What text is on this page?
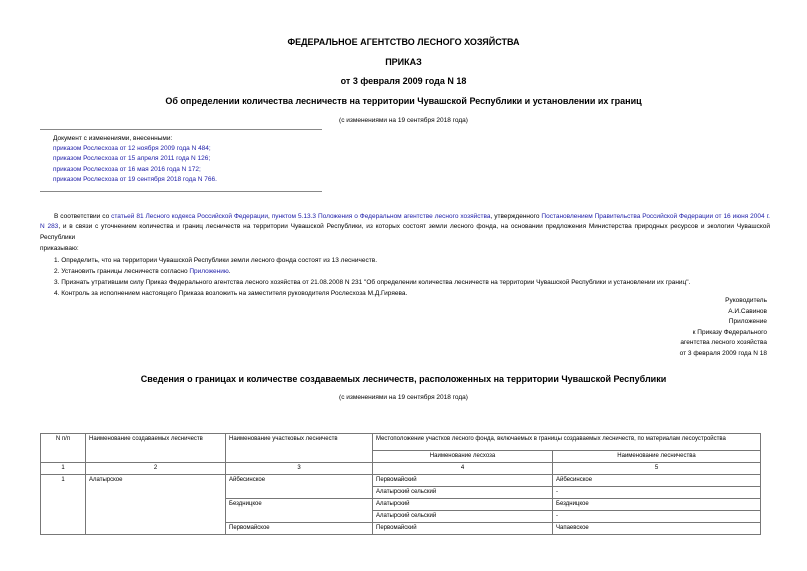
ФЕДЕРАЛЬНОЕ АГЕНТСТВО ЛЕСНОГО ХОЗЯЙСТВА
ПРИКАЗ
от 3 февраля 2009 года N 18
Об определении количества лесничеств на территории Чувашской Республики и установлении их границ
(с изменениями на 19 сентября 2018 года)
Документ с изменениями, внесенными:
приказом Рослесхоза от 12 ноября 2009 года N 484;
приказом Рослесхоза от 15 апреля 2011 года N 126;
приказом Рослесхоза от 16 мая 2016 года N 172;
приказом Рослесхоза от 19 сентября 2018 года N 766.
В соответствии со статьей 81 Лесного кодекса Российской Федерации, пунктом 5.13.3 Положения о Федеральном агентстве лесного хозяйства, утвержденного Постановлением Правительства Российской Федерации от 16 июня 2004 г. N 283, и в связи с уточнением количества и границ лесничеств на территории Чувашской Республики, из которых состоят земли лесного фонда, на основании предложения Министерства природных ресурсов и экологии Чувашской Республики
приказываю:
1. Определить, что на территории Чувашской Республики земли лесного фонда состоят из 13 лесничеств.
2. Установить границы лесничеств согласно Приложению.
3. Признать утратившим силу Приказ Федерального агентства лесного хозяйства от 21.08.2008 N 231 "Об определении количества лесничеств на территории Чувашской Республики и установлении их границ".
4. Контроль за исполнением настоящего Приказа возложить на заместителя руководителя Рослесхоза М.Д.Гиряева.
Руководитель
А.И.Савинов
Приложение
к Приказу Федерального
агентства лесного хозяйства
от 3 февраля 2009 года N 18
Сведения о границах и количестве создаваемых лесничеств, расположенных на территории Чувашской Республики
(с изменениями на 19 сентября 2018 года)
N п/п	Наименование создаваемых лесничеств	Наименование участковых лесничеств	Местоположение участков лесного фонда, включаемых в границы создаваемых лесничеств, по материалам лесоустройства	
			Наименование лесхоза	Наименование лесничества
1	2	3	4	5
1	Алатырское	Айбесинское	Первомайский	Айбесинское
			Алатырский сельский	-
		Бездницкое	Алатырский	Бездницкое
			Алатырский сельский	-
		Первомайское	Первомайский	Чапаевское
